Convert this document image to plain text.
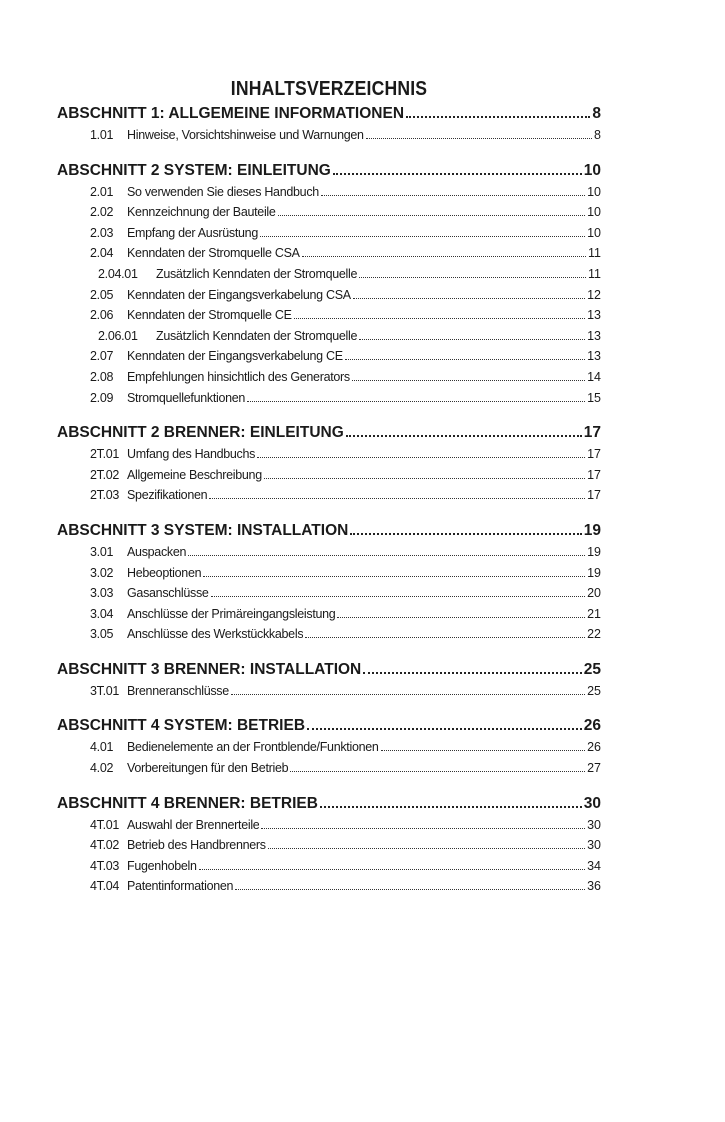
INHALTSVERZEICHNIS
ABSCHNITT 1: ALLGEMEINE INFORMATIONEN	8
1.01 Hinweise, Vorsichtshinweise und Warnungen	8
ABSCHNITT 2 SYSTEM: EINLEITUNG	10
2.01 So verwenden Sie dieses Handbuch	10
2.02 Kennzeichnung der Bauteile	10
2.03 Empfang der Ausrüstung	10
2.04 Kenndaten der Stromquelle CSA	11
2.04.01 Zusätzlich Kenndaten der Stromquelle	11
2.05 Kenndaten der Eingangsverkabelung CSA	12
2.06 Kenndaten der Stromquelle CE	13
2.06.01 Zusätzlich Kenndaten der Stromquelle	13
2.07 Kenndaten der Eingangsverkabelung CE	13
2.08 Empfehlungen hinsichtlich des Generators	14
2.09 Stromquellefunktionen	15
ABSCHNITT 2 BRENNER: EINLEITUNG	17
2T.01 Umfang des Handbuchs	17
2T.02 Allgemeine Beschreibung	17
2T.03 Spezifikationen	17
ABSCHNITT 3 SYSTEM: INSTALLATION	19
3.01 Auspacken	19
3.02 Hebeoptionen	19
3.03 Gasanschlüsse	20
3.04 Anschlüsse der Primäreingangsleistung	21
3.05 Anschlüsse des Werkstückkabels	22
ABSCHNITT 3 BRENNER: INSTALLATION	25
3T.01 Brenneranschlüsse	25
ABSCHNITT 4 SYSTEM: BETRIEB	26
4.01 Bedienelemente an der Frontblende/Funktionen	26
4.02 Vorbereitungen für den Betrieb	27
ABSCHNITT 4 BRENNER: BETRIEB	30
4T.01 Auswahl der Brennerteile	30
4T.02 Betrieb des Handbrenners	30
4T.03 Fugenhobeln	34
4T.04 Patentinformationen	36
